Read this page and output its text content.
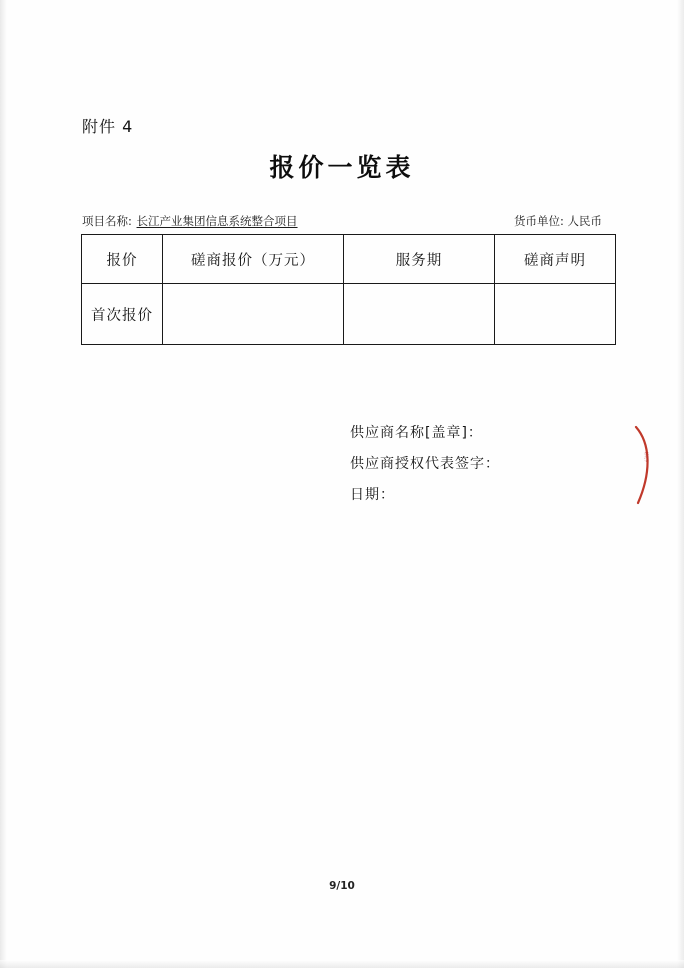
附件 4
报价一览表
项目名称: 长江产业集团信息系统整合项目	货币单位: 人民币
报价	磋商报价（万元）	服务期	磋商声明
首次报价			
供应商名称[盖章]：
供应商授权代表签字：
日期：
签字
9/10
